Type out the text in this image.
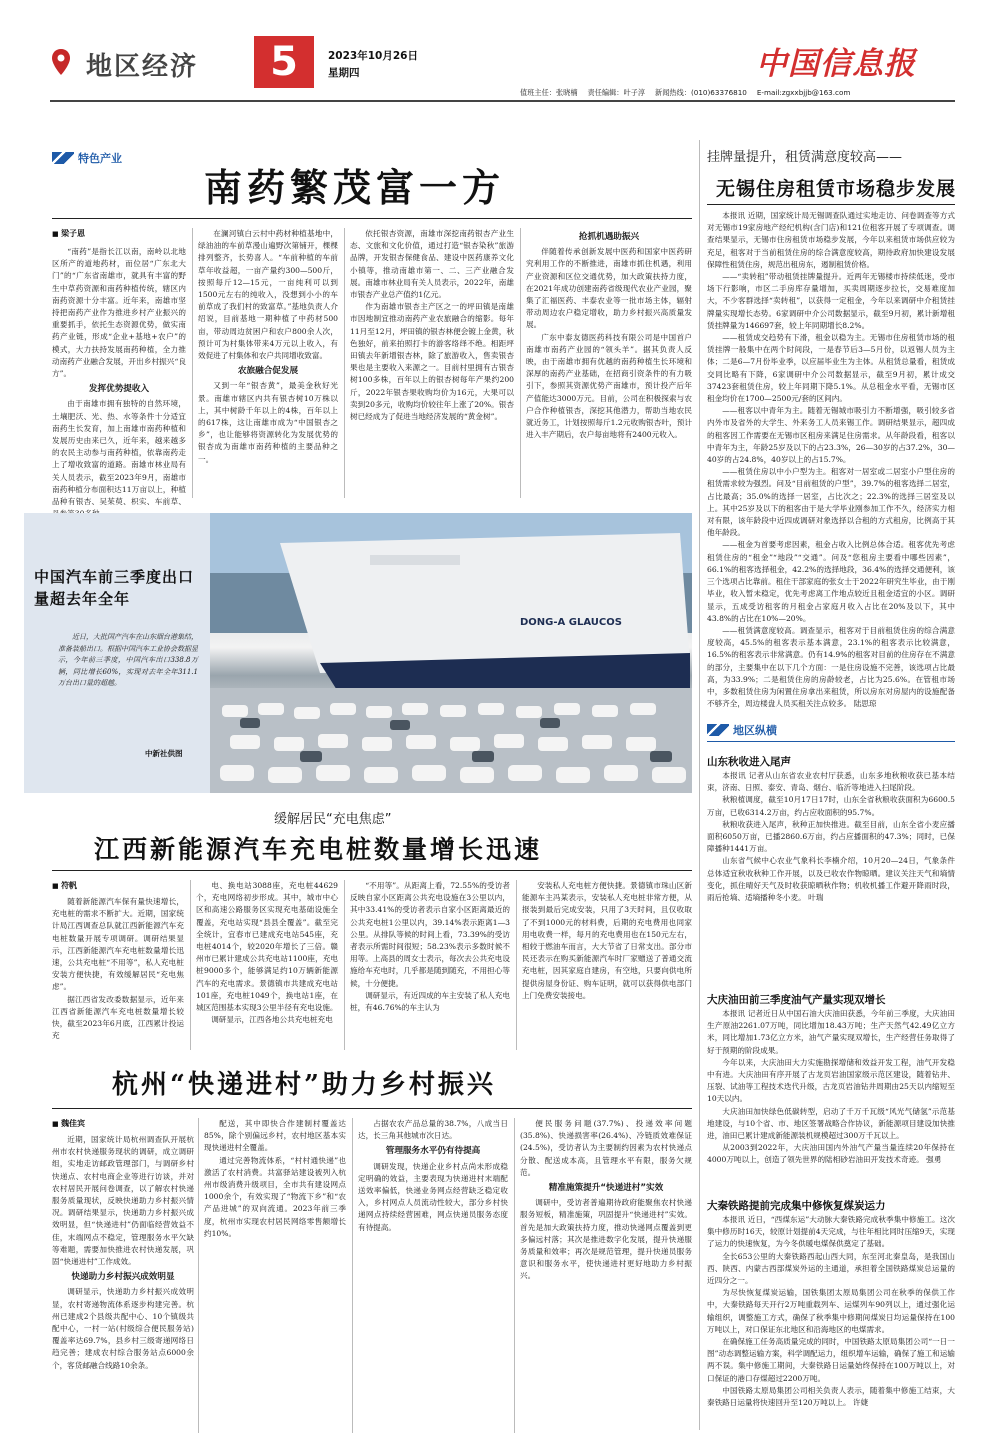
地区经济	5	2023年10月26日
星期四	中国信息报
值班主任：张晓楠 责任编辑：叶子淳 新闻热线：(010)63376810 E-mail:zgxxbjjb@163.com
特色产业
南药繁茂富一方
■ 梁子恩

“南药”是指长江以南，南岭以北地区所产的道地药材，而位居“广东北大门”的“广东省南雄市，就具有丰富的野生中草药资源和南药种植传统，辖区内南药资源十分丰富。近年来，南雄市坚持把南药产业作为推进乡村产业振兴的重要抓手，依托生态资源优势，做实南药产业链，形成“企业+基地+农户”的模式，大力扶持发展南药种植，全力推动南药产业融合发展，开出乡村振兴“良方”。

发挥优势提收入

由于南雄市拥有独特的自然环境，土壤肥沃、光、热、水等条件十分适宜南药生长发育，加上南雄市南药种植和发展历史由来已久，近年来，越来越多的农民主动参与南药种植，依靠南药走上了增收致富的道路。南雄市林业局有关人员表示，截至2023年9月，南雄市南药种植分布面积达11万亩以上，种植品种有银杏、吴茱萸、枳实、车前草、

在澜河镇白云村中药材种植基地中，绿油油的车前草漫山遍野次第铺开，棵棵排列整齐，长势喜人。“车前种植的车前草年收益超，一亩产量约300—500斤，按照每斤12—15元，一亩纯利可以到1500元左右的纯收入，没想到小小的车前草成了我们村的致富草。”基地负责人介绍说，目前基地一期种植了中药材500亩，带动周边贫困户和农户800余人次，预计可为村集体带来4万元以上收入，有效促进了村集体和农户共同增收致富。

农旅融合促发展

又到一年“银杏黄”，最美金秋好光景。南雄市辖区内共有银杏树10万株以上，其中树龄千年以上的4株，百年以上的617株，这让南雄市成为“中国银杏之乡”，也让能够将资源转化为发展优势的银杏成为南雄市南药种植的主要品种之一。

依托银杏资源，南雄市深挖南药银杏产业生态、文旅和文化价值，通过打造“银杏染秋”旅游品牌，开发银杏保健食品、建设中医药康养文化小镇等，推动南雄市第一、二、三产业融合发展。南雄市林业局有关人员表示，2022年，南雄市银杏产业总产值约1亿元。

作为南雄市银杏主产区之一的坪田镇是南雄市因地制宜推动南药产业农旅融合的缩影。每年11月至12月，坪田镇的银杏林便会镀上金黄，秋色独好，前来拍照打卡的游客络绎不绝。相距坪田镇去年新增银杏林，除了旅游收入，售卖银杏果也是主要收入来源之一。目前村里拥有古银杏树100多株，百年以上的银杏树每年产果约200斤，2022年银杏果收购均价为16元，大果可以卖到20多元，收购均价较往年上涨了20%。银杏树已经成为了促进当地经济发展的“黄金树”。

抢抓机遇助振兴

伴随着传承创新发展中医药和国家中医药研究利用工作的不断推进，南雄市抓住机遇，利用产业资源和区位交通优势，加大政策扶持力度，在2021年成功创建南药省级现代农业产业园，聚集了汇福医药、丰泰农业等一批市场主体，辐射带动周边农户稳定增收，助力乡村振兴高质量发展。

广东中泰友德医药科技有限公司是中国首户南雄市南药产业园的“领头羊”。据其负责人反映，由于南雄市拥有优越的南药种植生长环境和深厚的南药产业基础，在招商引资条件的有力吸引下，参照其资源优势产南雄市，预计投产后年产值能达3000万元。目前，公司在积极探索与农户合作种植银杏，深挖其他潜力，帮助当地农民就近务工，计划按照每斤1.2元收购银杏叶，预计进入丰产期后，农户每亩地将有2400元收入。

中国汽车前三季度出口量超去年全年
近日，大批国产汽车在山东烟台港集结，准备装船出口。根据中国汽车工业协会数据显示，今年前三季度，中国汽车出口338.8万辆，同比增长60%，实现对去年全年311.1万台出口量的超越。
中新社供图
DONG-A GLAUCOS
挂牌量提升，租赁满意度较高——
无锡住房租赁市场稳步发展

本报讯 近期，国家统计局无锡调查队通过实地走访、问卷调查等方式对无锡市19家房地产经纪机构(含门店)和121位租客开展了专项调查。调查结果显示，无锡市住房租赁市场稳步发展，今年以来租赁市场供应较为充足，租客对于当前租赁住房的综合满意度较高，期待政府加快建设发展保障性租赁住房，规范出租房东，遏制租赁价格。

——“卖转租”带动租赁挂牌量提升。近两年无锡楼市持续低迷，受市场下行影响，市区二手房库存量增加，买卖周期逐步拉长，交易难度加大，不少客群选择“卖转租”，以获得一定租金，今年以来调研中介租赁挂牌量实现增长态势。6家调研中介公司数据显示，截至9月初，累计新增租赁挂牌量为146697套，较上年同期增长8.2%。

——租赁成交趋势有下滑，租金以稳为主。无锡市住房租赁市场的租赁挂牌一般集中在两个时间段，一是春节后3—5月份，以返锡人员为主体；二是6—7月份毕业季，以应届毕业生为主体。从租赁总量看，租赁成交同比略有下降，6家调研中介公司数据显示，截至9月初，累计成交37423套租赁住房，较上年同期下降5.1%。从总租金水平看，无锡市区租金均价在1700—2500元/套的区间内。

——租客以中青年为主。随着无锡城市吸引力不断增强，吸引较多省内外市及省外的大学生、外来务工人员来锡工作。调研结果显示，超四成的租客因工作需要在无锡市区租房来满足住房需求。从年龄段看，租客以中青年为主，年龄25岁及以下的占23.3%，26—30岁的占37.2%，30—40岁的占24.8%，40岁以上的占15.7%。

——租赁住房以中小户型为主。租客对一居室或二居室小户型住房的租赁需求较为强烈。问及“目前租赁的户型”，39.7%的租客选择二居室，占比最高；35.0%的选择一居室，占比次之；22.3%的选择三居室及以上。其中25岁及以下的租客由于是大学毕业刚参加工作不久，经济实力相对有限，该年龄段中近四成调研对象选择以合租的方式租房，比例高于其他年龄段。

——租金为首要考虑因素，租金占收入比例总体合适。租客优先考虑租赁住房的“租金”“地段”“交通”。问及“您租房主要看中哪些因素”，66.1%的租客选择租金，42.2%的选择地段，36.4%的选择交通便利，该三个选项占比靠前。租住干部家庭的张女士于2022年研究生毕业，由于刚毕业，收入暂未稳定，优先考虑离工作地点较近且租金适宜的小区。调研显示，五成受访租客的月租金占家庭月收入占比在20%及以下，其中43.8%的占比在10%—20%。

——租赁满意度较高。调查显示，租客对于目前租赁住房的综合满意度较高，45.5%的租客表示基本满意，23.1%的租客表示比较满意，16.5%的租客表示非常满意。仍有14.9%的租客对目前的住房存在不满意的部分，主要集中在以下几个方面：一是住房设施不完善，该选项占比最高，为33.9%；二是租赁住房的房龄较老，占比为25.6%。在管租市场中，多数租赁住房为闲置住房拿出来租赁，所以房东对房屋内的设施配备不够齐全，周边楼盘人员买租关注点较多。 陆思琼

地区纵横
山东秋收进入尾声

本报讯 记者从山东省农业农村厅获悉，山东多地秋粮收获已基本结束，济南、日照、泰安、青岛、烟台、临沂等地进入扫尾阶段。

秋粮植调度，截至10月17日17时，山东全省秋粮收获面积为6600.5万亩，已收6314.2万亩，约占应收面积的95.7%。

秋粮收获进入尾声，秋种正加快推进。截至目前，山东全省小麦应播面积6050万亩，已播2860.6万亩，约占应播面积的47.3%；同时，已保障播种1441万亩。

山东省气候中心农业气象科长李楠介绍，10月20—24日，气象条件总体适宜秋收秋种工作开展，以及已收农作物晾晒。建议关注天气和墒情变化，抓住晴好天气及时收获晾晒秋作物；机收机播工作避开降雨时段，雨后抢墒、适墒播种冬小麦。 叶瑞

大庆油田前三季度油气产量实现双增长

本报讯 记者近日从中国石油大庆油田获悉，今年前三季度，大庆油田生产原油2261.07万吨，同比增加18.43万吨；生产天然气42.49亿立方米，同比增加1.73亿立方米，油气产量实现双增长，生产经营任务取得了好于预期的阶段成果。

今年以来，大庆油田大力实施勘探增储和效益开发工程，油气开发稳中有进。大庆油田有序开展了古龙页岩油国家级示范区建设，随着钻井、压裂、试油等工程技术迭代升级，古龙页岩油钻井周期由25天以内缩短至10天以内。

大庆油田加快绿色低碳转型，启动了千万千瓦级“风光气储氢”示范基地建设，与10个省、市、地区签署战略合作协议，新能源项目建设加快推进，油田已累计建成新能源装机规模超过300万千瓦以上。

从2003到2022年，大庆油田国内外油气产量当量连续20年保持在4000万吨以上，创造了领先世界的陆相砂岩油田开发技术奇迹。 强勇

大秦铁路提前完成集中修恢复煤炭运力

本报讯 近日，“西煤东运”大动脉大秦铁路完成秋季集中修施工。这次集中修历时16天，较原计划提前4天完成，与往年相比同时压缩9天，实现了运力的快速恢复，为今冬供暖电煤保供奠定了基础。

全长653公里的大秦铁路西起山西大同，东至河北秦皇岛，是我国山西、陕西、内蒙古西部煤炭外运的主通道，承担着全国铁路煤炭总运量的近四分之一。

为尽快恢复煤炭运输，国铁集团太原局集团公司在秋季的保供工作中，大秦铁路每天开行2万吨重载列车、运煤列车90列以上，通过强化运输组织，调整施工方式，确保了秋季集中修期间煤炭日均运量保持在100万吨以上，对口保证东北地区和沿海地区的电煤需求。

在确保施工任务高质量完成的同时，中国铁路太原局集团公司“一日一图”动态调整运输方案，科学调配运力，组织增车运输，确保了施工和运输两不误。集中修施工期间，大秦铁路日运量始终保持在100万吨以上，对口保证的港口存煤超过2200万吨。

中国铁路太原局集团公司相关负责人表示，随着集中修施工结束，大秦铁路日运量将快速回升至120万吨以上。 许婕

缓解居民“充电焦虑”
江西新能源汽车充电桩数量增长迅速
■ 符帆

随着新能源汽车保有量快速增长，充电桩的需求不断扩大。近期，国家统计局江西调查总队就江西新能源汽车充电桩数量开展专项调研。调研结果显示，江西新能源汽车充电桩数量增长迅速，公共充电桩“不用等”，私人充电桩安装方便快捷，有效缓解居民“充电焦虑”。

据江西省发改委数据显示，近年来江西省新能源汽车充电桩数量增长较快，截至2023年6月底，江西累计投运充

电、换电站3088座，充电桩44629个，充电网络初步形成。其中，城市中心区和高速公路服务区实现充电基础设施全覆盖，充电站实现“县县全覆盖”。截至完全统计，宜春市已建成充电站545座，充电桩4014个，较2020年增长了三倍。赣州市已累计建成公共充电站1100座，充电桩9000多个，能够满足约10万辆新能源汽车的充电需求。景德镇市共建成充电站101座，充电桩1049个，换电站1座，在城区范围基本实现3公里半径有充电设施。

调研显示，江西各地公共充电桩充电

“不用等”。从距离上看，72.55%的受访者反映自家小区距离公共充电设施在3公里以内，其中33.41%的受访者表示自家小区距离最近的公共充电桩1公里以内，39.14%表示距离1—3公里。从排队等候的时间上看，73.39%的受访者表示所需时间很短；58.23%表示多数时候不用等。上高县的周女士表示，每次去公共充电设施给车充电时，几乎都是随到随充，不用担心等候，十分便捷。

调研显示，有近四成的车主安装了私人充电桩，有46.76%的车主认为

安装私人充电桩方便快捷。景德镇市珠山区新能源车主冯某表示，安装私人充电桩非常方便，从报装到最后完成安装，只用了3天时间，且仅收取了不到1000元的材料费，后期的充电费用也同家用电收费一样，每月的充电费用也在150元左右，相较于燃油车而言，大大节省了日常支出。部分市民还表示在购买新能源汽车时厂家赠送了普通交流充电桩，因其家庭自建房，有空地，只要向供电所提供房屋身份证、购车证明，就可以获得供电部门上门免费安装接电。

杭州“快递进村”助力乡村振兴
■ 魏佳宾

近期，国家统计局杭州调查队开展杭州市农村快递服务现状的调研，成立调研组，实地走访邮政管理部门，与调研乡村快递点、农村电商企业等进行访谈，并对农村居民开展问卷调查，以了解农村快递服务质量现状，反映快递助力乡村振兴情况。调研结果显示，快递助力乡村振兴成效明显，但“快递进村”仍面临经营效益不佳，末端网点不稳定，管理服务水平欠缺等难题，需要加快推进农村快递发展，巩固“快递进村”工作成效。

快递助力乡村振兴成效明显

调研显示，快递助力乡村振兴成效明显，农村寄递物流体系逐步构建完善。杭州已建成2个县级共配中心、10个镇级共配中心，一村一站(村级综合便民服务站)覆盖率达69.7%，县乡村三级寄递网络日趋完善；建成农村综合服务站点6000余个，客货邮融合线路10余条。

配送，其中即快合作建制村覆盖达85%，除个别偏远乡村，农村地区基本实现快递进村全覆盖。

通过完善物流体系，“村村通快递”也激活了农村消费。共富驿站建设被列入杭州市级消费升级项目，全市共有建设网点1000余个，有效实现了“物流下乡”和“农产品进城”的双向流通。2023年前三季度，杭州市实现农村居民网络零售额增长约10%。

占据农农产品总量的38.7%，八成当日达，长三角其他城市次日达。

管理服务水平仍有待提高

调研发现，快递企业乡村点尚未形成稳定明确的效益，主要表现为快递进村末端配送效率偏低，快递业务网点经营缺乏稳定收入，乡村网点人员流动性较大，部分乡村快递网点持续经营困难，网点快递员服务态度有待提高。

便民服务问题(37.7%)、投递效率问题(35.8%)、快递损害率(26.4%)、冷链质效难保证(24.5%)，受访者认为主要制约因素为农村快递点分散、配送成本高，且管理水平有限，服务欠规范。

精准施策提升“快递进村”实效

调研中，受访者普遍期待政府能聚焦农村快递服务短板，精准施策，巩固提升“快递进村”实效。首先是加大政策扶持力度，推动快递网点覆盖到更多偏远村落；其次是推进数字化发展，提升快递服务质量和效率；再次是规范管理，提升快递员服务意识和服务水平，使快递进村更好地助力乡村振兴。
